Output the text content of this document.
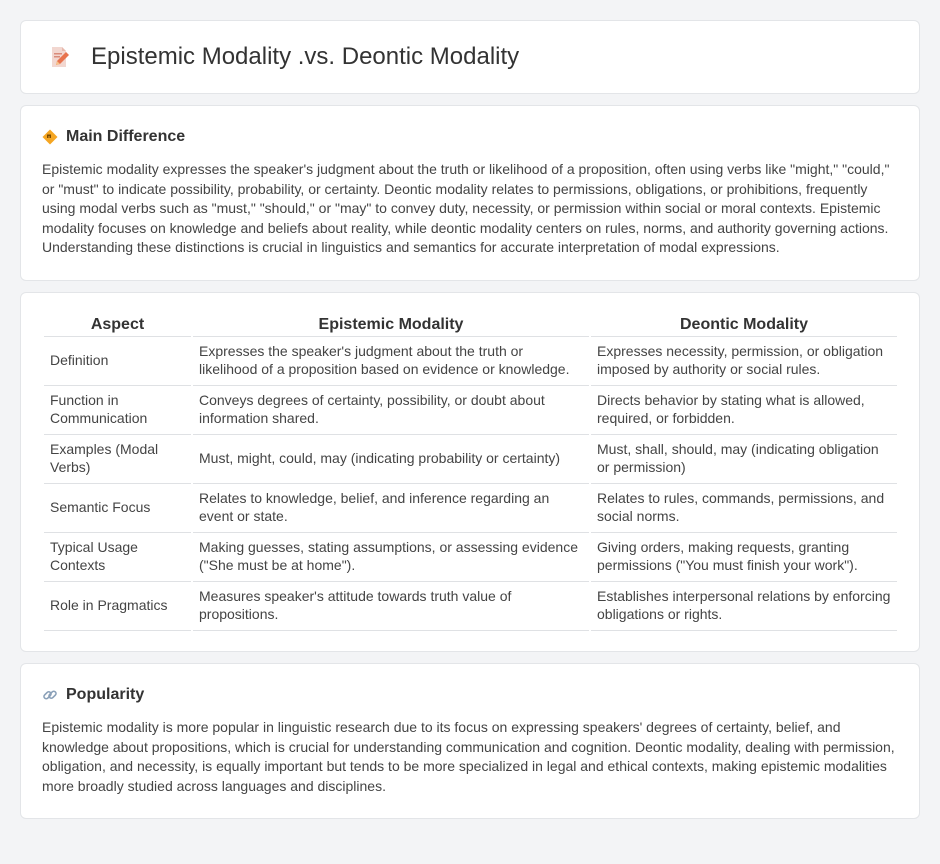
Epistemic Modality .vs. Deontic Modality
Main Difference

Epistemic modality expresses the speaker's judgment about the truth or likelihood of a proposition, often using verbs like "might," "could," or "must" to indicate possibility, probability, or certainty. Deontic modality relates to permissions, obligations, or prohibitions, frequently using modal verbs such as "must," "should," or "may" to convey duty, necessity, or permission within social or moral contexts. Epistemic modality focuses on knowledge and beliefs about reality, while deontic modality centers on rules, norms, and authority governing actions. Understanding these distinctions is crucial in linguistics and semantics for accurate interpretation of modal expressions.

Aspect	Epistemic Modality	Deontic Modality
Definition	Expresses the speaker's judgment about the truth or likelihood of a proposition based on evidence or knowledge.	Expresses necessity, permission, or obligation imposed by authority or social rules.
Function in Communication	Conveys degrees of certainty, possibility, or doubt about information shared.	Directs behavior by stating what is allowed, required, or forbidden.
Examples (Modal Verbs)	Must, might, could, may (indicating probability or certainty)	Must, shall, should, may (indicating obligation or permission)
Semantic Focus	Relates to knowledge, belief, and inference regarding an event or state.	Relates to rules, commands, permissions, and social norms.
Typical Usage Contexts	Making guesses, stating assumptions, or assessing evidence ("She must be at home").	Giving orders, making requests, granting permissions ("You must finish your work").
Role in Pragmatics	Measures speaker's attitude towards truth value of propositions.	Establishes interpersonal relations by enforcing obligations or rights.
Popularity

Epistemic modality is more popular in linguistic research due to its focus on expressing speakers' degrees of certainty, belief, and knowledge about propositions, which is crucial for understanding communication and cognition. Deontic modality, dealing with permission, obligation, and necessity, is equally important but tends to be more specialized in legal and ethical contexts, making epistemic modalities more broadly studied across languages and disciplines.
